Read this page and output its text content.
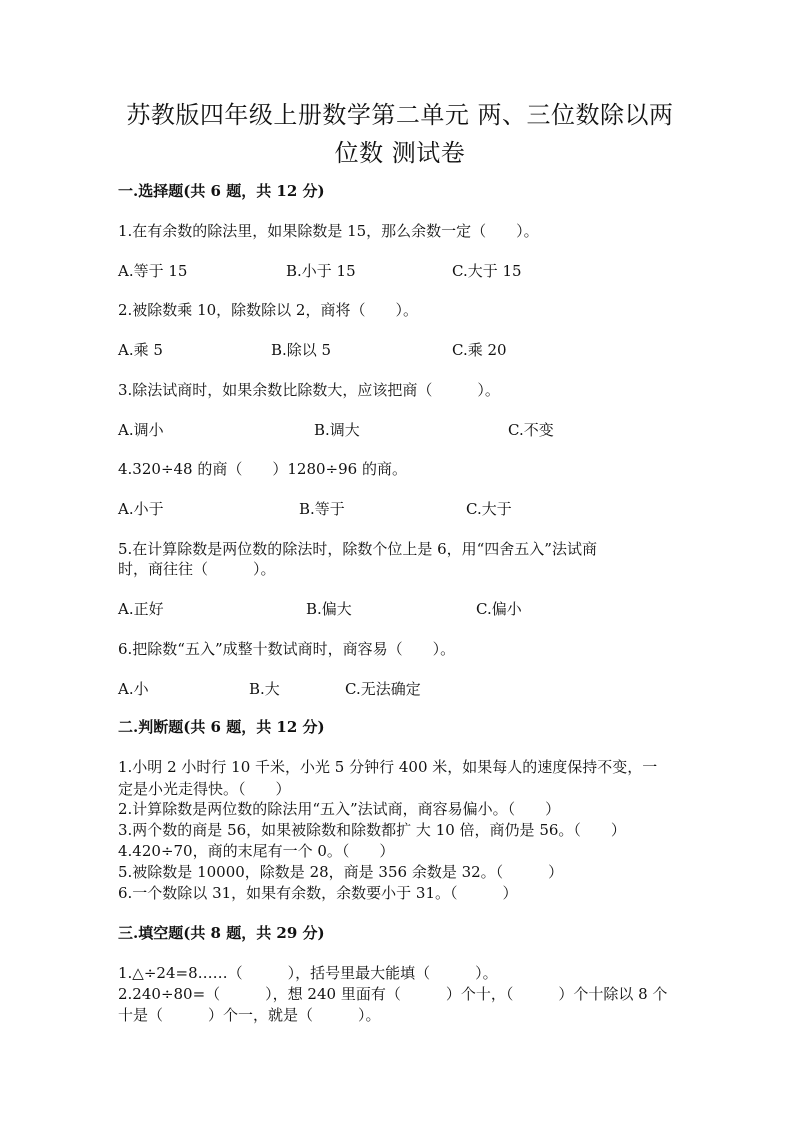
苏教版四年级上册数学第二单元 两、三位数除以两
位数 测试卷
一.选择题(共 6 题，共 12 分)
1.在有余数的除法里，如果除数是 15，那么余数一定（　　）。
A.等于 15	B.小于 15	C.大于 15
2.被除数乘 10，除数除以 2，商将（　　）。
A.乘 5	B.除以 5	C.乘 20
3.除法试商时，如果余数比除数大，应该把商（　　　）。
A.调小	B.调大	C.不变
4.320÷48 的商（　　）1280÷96 的商。
A.小于	B.等于	C.大于
5.在计算除数是两位数的除法时，除数个位上是 6，用“四舍五入”法试商
时，商往往（　　　）。
A.正好	B.偏大	C.偏小
6.把除数“五入”成整十数试商时，商容易（　　）。
A.小	B.大	C.无法确定
二.判断题(共 6 题，共 12 分)
1.小明 2 小时行 10 千米，小光 5 分钟行 400 米，如果每人的速度保持不变，一
定是小光走得快。（　　）
2.计算除数是两位数的除法用“五入”法试商，商容易偏小。（　　）
3.两个数的商是 56，如果被除数和除数都扩 大 10 倍，商仍是 56。（　　）
4.420÷70，商的末尾有一个 0。（　　）
5.被除数是 10000，除数是 28，商是 356 余数是 32。（　　　）
6.一个数除以 31，如果有余数，余数要小于 31。（　　　）
三.填空题(共 8 题，共 29 分)
1.△÷24=8……（　　　），括号里最大能填（　　　）。
2.240÷80=（　　　），想 240 里面有（　　　）个十，（　　　）个十除以 8 个
十是（　　　）个一，就是（　　　）。
